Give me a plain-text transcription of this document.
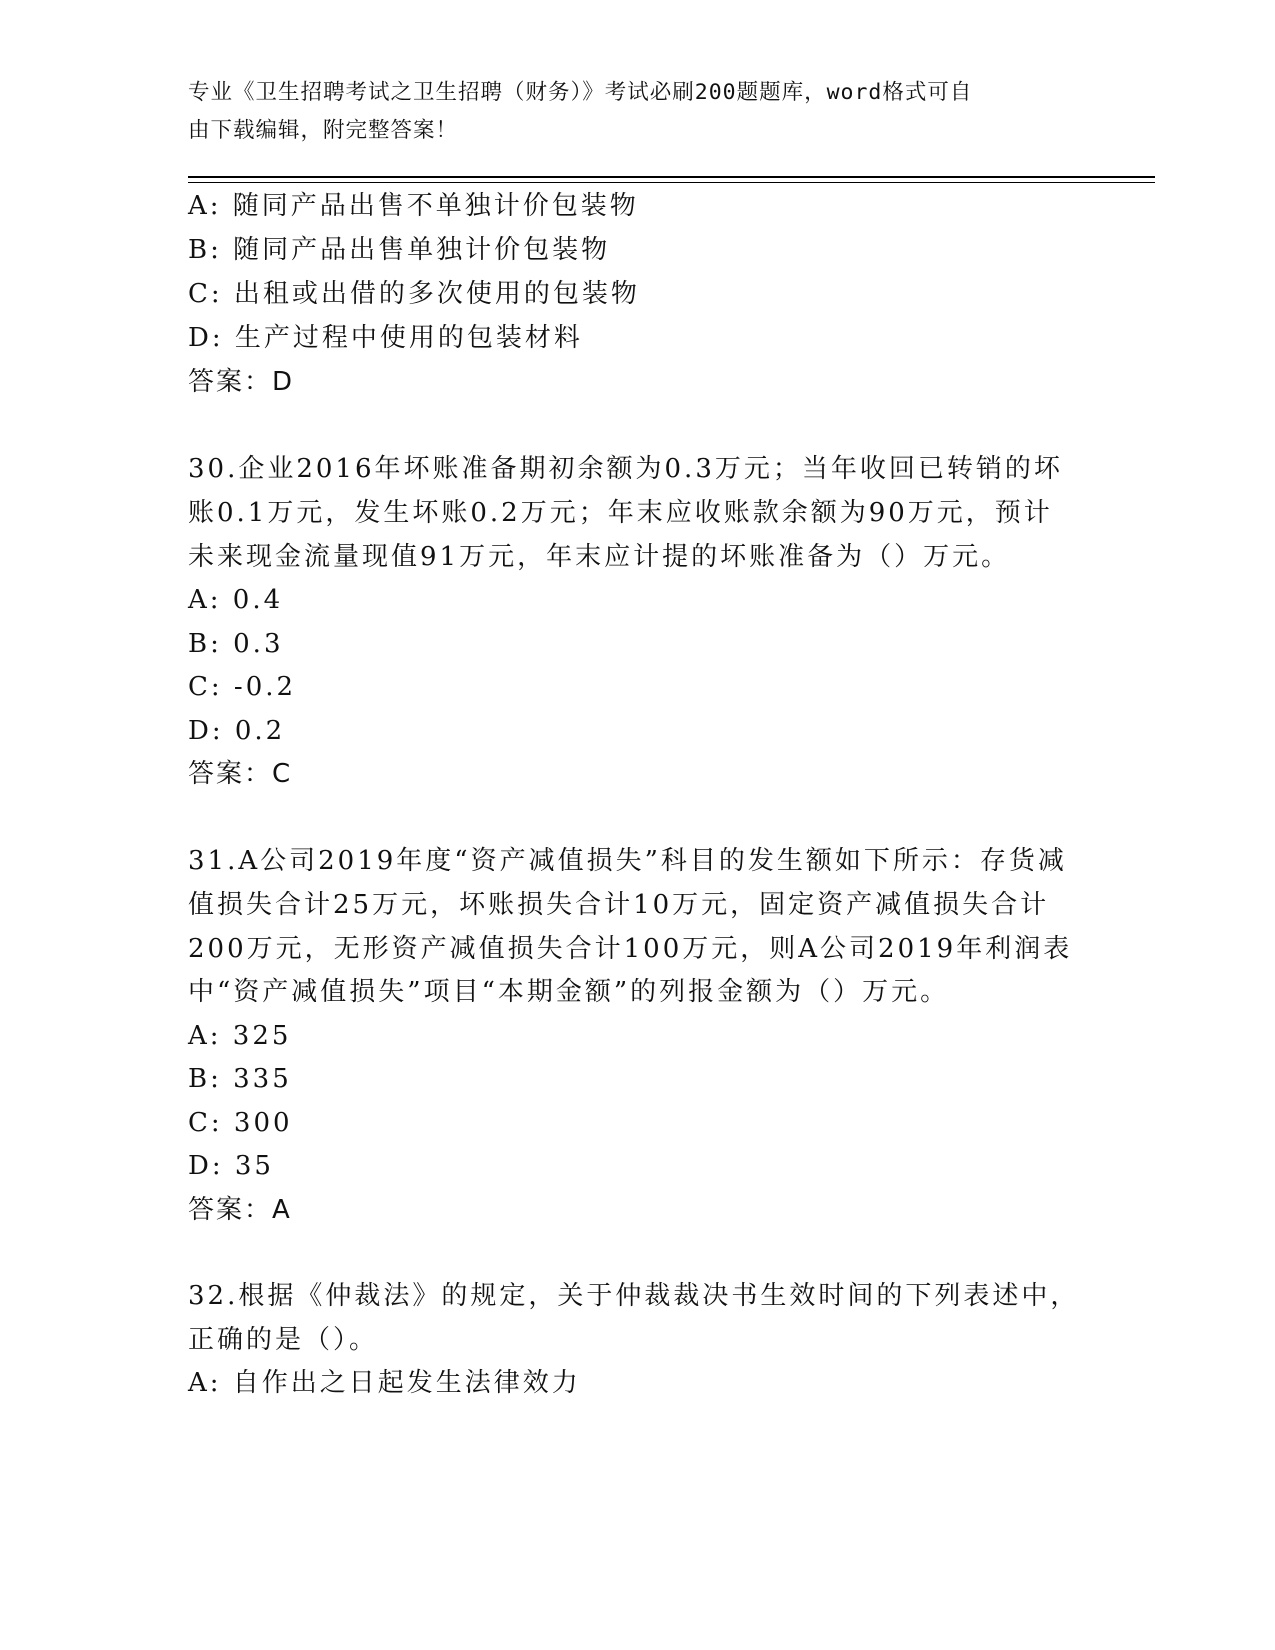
专业《卫生招聘考试之卫生招聘（财务）》考试必刷200题题库，word格式可自
由下载编辑，附完整答案！
A: 随同产品出售不单独计价包装物
B: 随同产品出售单独计价包装物
C: 出租或出借的多次使用的包装物
D: 生产过程中使用的包装材料
答案：D
30.企业2016年坏账准备期初余额为0.3万元；当年收回已转销的坏
账0.1万元，发生坏账0.2万元；年末应收账款余额为90万元，预计
未来现金流量现值91万元，年末应计提的坏账准备为（）万元。
A: 0.4
B: 0.3
C: -0.2
D: 0.2
答案：C
31.A公司2019年度“资产减值损失”科目的发生额如下所示：存货减
值损失合计25万元，坏账损失合计10万元，固定资产减值损失合计
200万元，无形资产减值损失合计100万元，则A公司2019年利润表
中“资产减值损失”项目“本期金额”的列报金额为（）万元。
A: 325
B: 335
C: 300
D: 35
答案：A
32.根据《仲裁法》的规定，关于仲裁裁决书生效时间的下列表述中，
正确的是（）。
A: 自作出之日起发生法律效力
